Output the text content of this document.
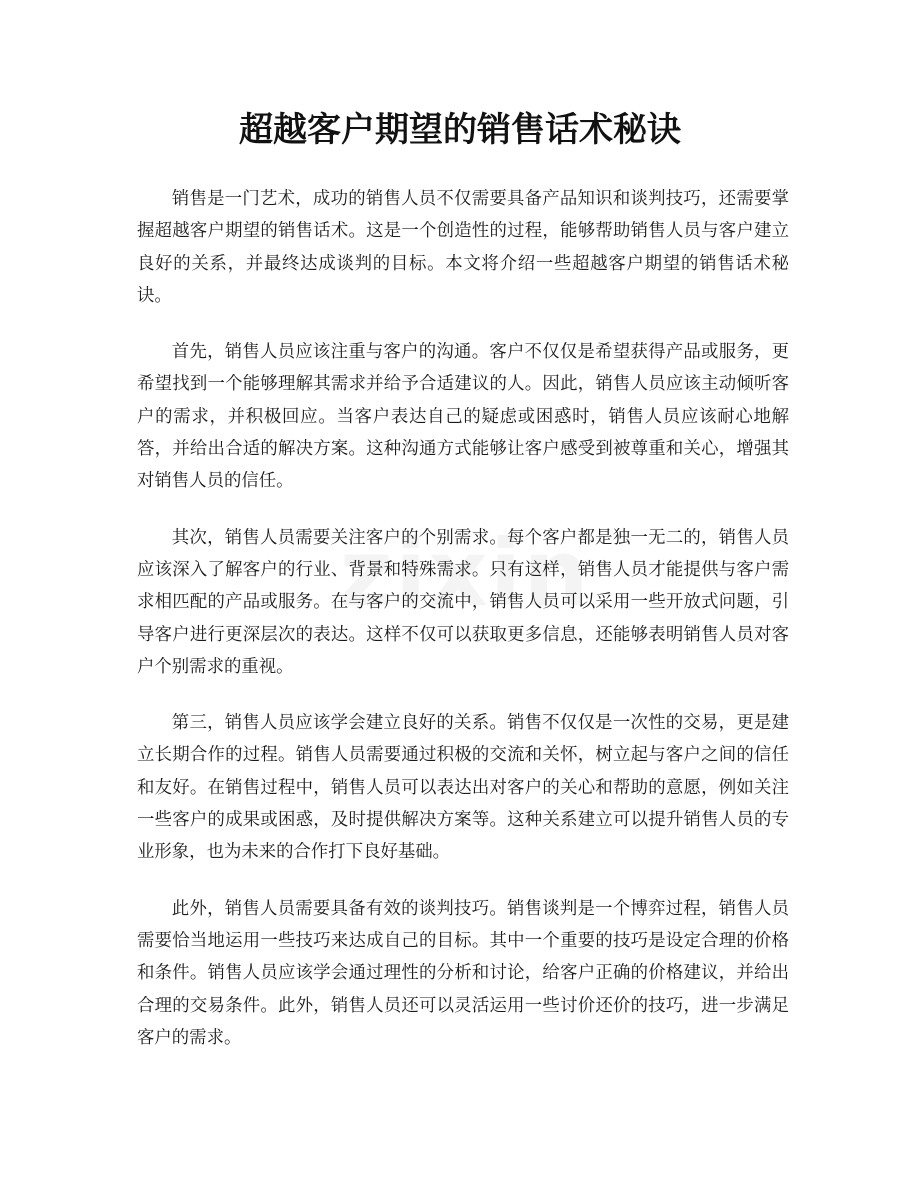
超越客户期望的销售话术秘诀

销售是一门艺术，成功的销售人员不仅需要具备产品知识和谈判技巧，还需要掌握超越客户期望的销售话术。这是一个创造性的过程，能够帮助销售人员与客户建立良好的关系，并最终达成谈判的目标。本文将介绍一些超越客户期望的销售话术秘诀。

首先，销售人员应该注重与客户的沟通。客户不仅仅是希望获得产品或服务，更希望找到一个能够理解其需求并给予合适建议的人。因此，销售人员应该主动倾听客户的需求，并积极回应。当客户表达自己的疑虑或困惑时，销售人员应该耐心地解答，并给出合适的解决方案。这种沟通方式能够让客户感受到被尊重和关心，增强其对销售人员的信任。

其次，销售人员需要关注客户的个别需求。每个客户都是独一无二的，销售人员应该深入了解客户的行业、背景和特殊需求。只有这样，销售人员才能提供与客户需求相匹配的产品或服务。在与客户的交流中，销售人员可以采用一些开放式问题，引导客户进行更深层次的表达。这样不仅可以获取更多信息，还能够表明销售人员对客户个别需求的重视。

第三，销售人员应该学会建立良好的关系。销售不仅仅是一次性的交易，更是建立长期合作的过程。销售人员需要通过积极的交流和关怀，树立起与客户之间的信任和友好。在销售过程中，销售人员可以表达出对客户的关心和帮助的意愿，例如关注一些客户的成果或困惑，及时提供解决方案等。这种关系建立可以提升销售人员的专业形象，也为未来的合作打下良好基础。

此外，销售人员需要具备有效的谈判技巧。销售谈判是一个博弈过程，销售人员需要恰当地运用一些技巧来达成自己的目标。其中一个重要的技巧是设定合理的价格和条件。销售人员应该学会通过理性的分析和讨论，给客户正确的价格建议，并给出合理的交易条件。此外，销售人员还可以灵活运用一些讨价还价的技巧，进一步满足客户的需求。
